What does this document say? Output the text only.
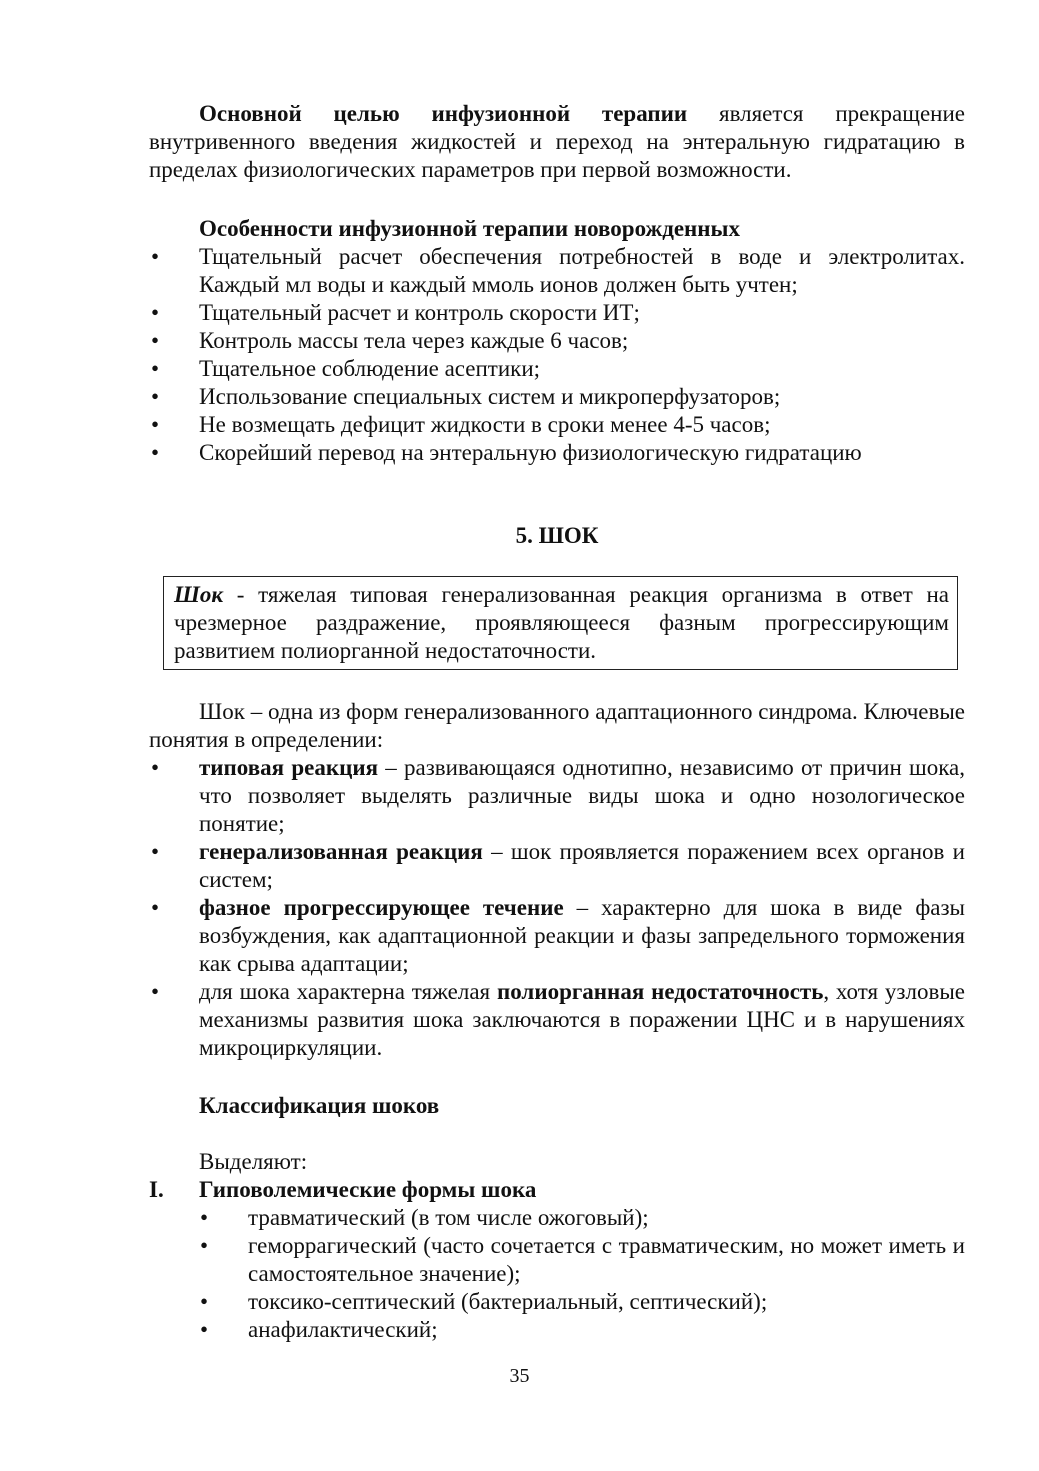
Основной целью инфузионной терапии является прекращение внутривенного введения жидкостей и переход на энтеральную гидратацию в пределах физиологических параметров при первой возможности.

Особенности инфузионной терапии новорожденных

• Тщательный расчет обеспечения потребностей в воде и электролитах. Каждый мл воды и каждый ммоль ионов должен быть учтен;
• Тщательный расчет и контроль скорости ИТ;
• Контроль массы тела через каждые 6 часов;
• Тщательное соблюдение асептики;
• Использование специальных систем и микроперфузаторов;
• Не возмещать дефицит жидкости в сроки менее 4-5 часов;
• Скорейший перевод на энтеральную физиологическую гидратацию

5. ШОК

Шок - тяжелая типовая генерализованная реакция организма в ответ на чрезмерное раздражение, проявляющееся фазным прогрессирующим развитием полиорганной недостаточности.

Шок – одна из форм генерализованного адаптационного синдрома. Ключевые понятия в определении:

• типовая реакция – развивающаяся однотипно, независимо от причин шока, что позволяет выделять различные виды шока и одно нозологическое понятие;
• генерализованная реакция – шок проявляется поражением всех органов и систем;
• фазное прогрессирующее течение – характерно для шока в виде фазы возбуждения, как адаптационной реакции и фазы запредельного торможения как срыва адаптации;
• для шока характерна тяжелая полиорганная недостаточность, хотя узловые механизмы развития шока заключаются в поражении ЦНС и в нарушениях микроциркуляции.

Классификация шоков

Выделяют:

I. Гиповолемические формы шока
• травматический (в том числе ожоговый);
• геморрагический (часто сочетается с травматическим, но может иметь и самостоятельное значение);
• токсико-септический (бактериальный, септический);
• анафилактический;
35
